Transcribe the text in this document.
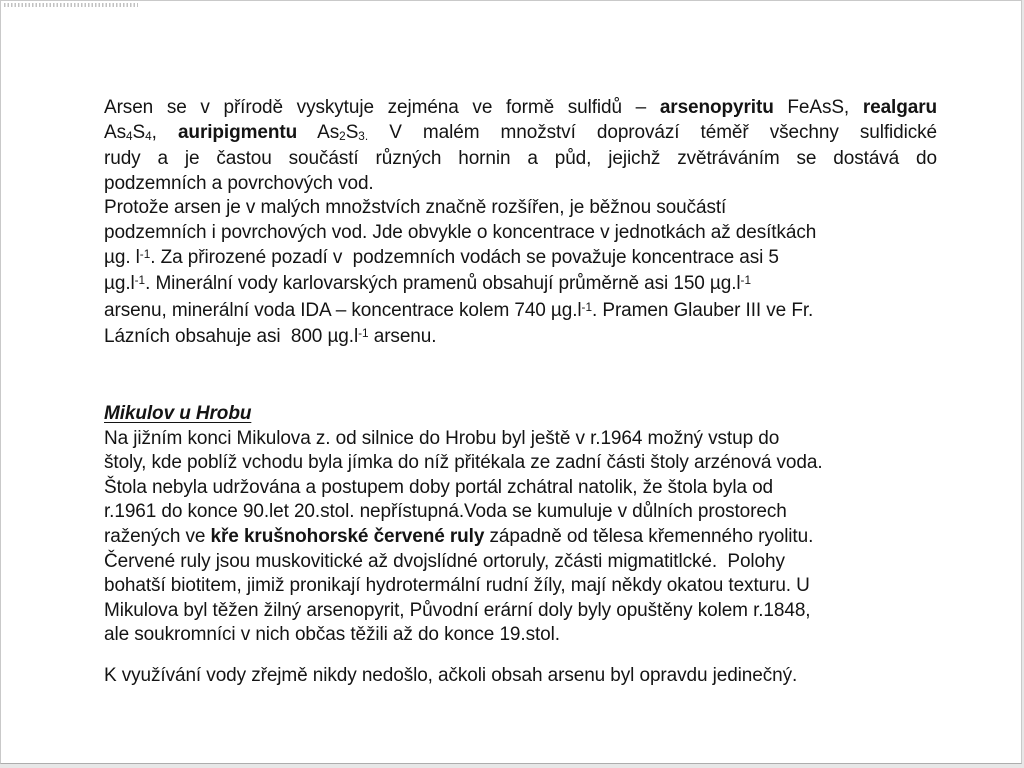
Arsen se v přírodě vyskytuje zejména ve formě sulfidů – arsenopyritu FeAsS, realgaru
As4S4, auripigmentu As2S3. V malém množství doprovází téměř všechny sulfidické
rudy a je častou součástí různých hornin a půd, jejichž zvětráváním se dostává do
podzemních a povrchových vod.
Protože arsen je v malých množstvích značně rozšířen, je běžnou součástí
podzemních i povrchových vod. Jde obvykle o koncentrace v jednotkách až desítkách
µg. $l^{-1}$. Za přirozené pozadí v  podzemních vodách se považuje koncentrace asi 5
$\mu g.l^{-1}$. Minerální vody karlovarských pramenů obsahují průměrně asi 150 $\mu g.l^{-1}$
arsenu, minerální voda IDA – koncentrace kolem 740 $\mu g.l^{-1}$. Pramen Glauber III ve Fr.
Lázních obsahuje asi  800 $\mu g.l^{-1}$ arsenu.
Mikulov u Hrobu
Na jižním konci Mikulova z. od silnice do Hrobu byl ještě v r.1964 možný vstup do
štoly, kde poblíž vchodu byla jímka do níž přitékala ze zadní části štoly arzénová voda.
Štola nebyla udržována a postupem doby portál zchátral natolik, že štola byla od
r.1961 do konce 90.let 20.stol. nepřístupná.Voda se kumuluje v důlních prostorech
ražených ve kře krušnohorské červené ruly západně od tělesa křemenného ryolitu.
Červené ruly jsou muskovitické až dvojslídné ortoruly, zčásti migmatitlcké.  Polohy
bohatší biotitem, jimiž pronikají hydrotermální rudní žíly, mají někdy okatou texturu. U
Mikulova byl těžen žilný arsenopyrit, Původní erární doly byly opuštěny kolem r.1848,
ale soukromníci v nich občas těžili až do konce 19.stol.
K využívání vody zřejmě nikdy nedošlo, ačkoli obsah arsenu byl opravdu jedinečný.
